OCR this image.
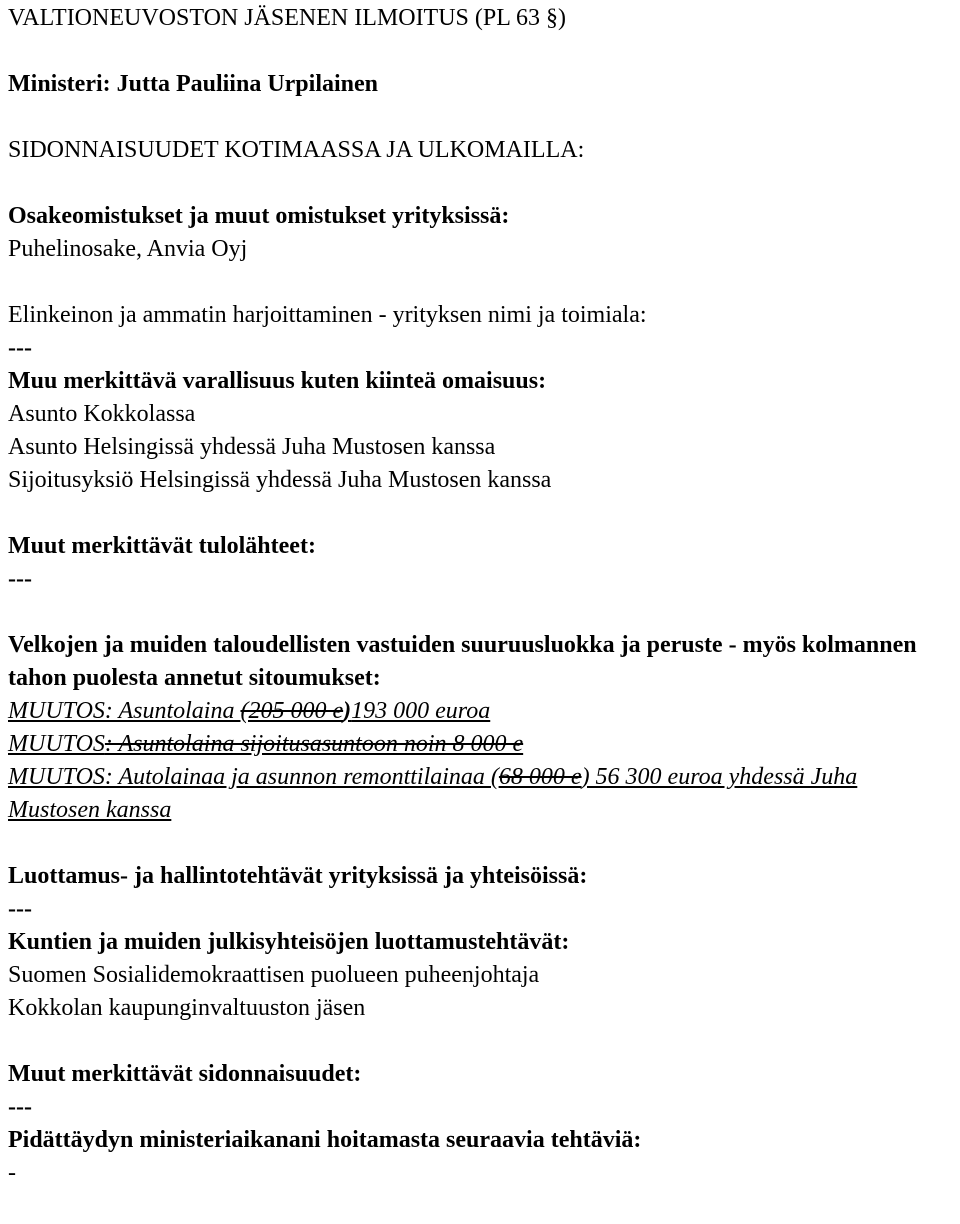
VALTIONEUVOSTON JÄSENEN ILMOITUS (PL 63 §)
Ministeri: Jutta Pauliina Urpilainen
SIDONNAISUUDET KOTIMAASSA JA ULKOMAILLA:
Osakeomistukset ja muut omistukset yrityksissä:
Puhelinosake, Anvia Oyj
Elinkeinon ja ammatin harjoittaminen - yrityksen nimi ja toimiala:
---
Muu merkittävä varallisuus kuten kiinteä omaisuus:
Asunto Kokkolassa
Asunto Helsingissä yhdessä Juha Mustosen kanssa
Sijoitusyksiö Helsingissä yhdessä Juha Mustosen kanssa
Muut merkittävät tulolähteet:
---
Velkojen ja muiden taloudellisten vastuiden suuruusluokka ja peruste - myös kolmannen
tahon puolesta annetut sitoumukset:
MUUTOS: Asuntolaina (205 000 e)193 000 euroa
MUUTOS: Asuntolaina sijoitusasuntoon noin 8 000 e
MUUTOS: Autolainaa ja asunnon remonttilainaa (68 000 e) 56 300 euroa yhdessä Juha Mustosen kanssa
Luottamus- ja hallintotehtävät yrityksissä ja yhteisöissä:
---
Kuntien ja muiden julkisyhteisöjen luottamustehtävät:
Suomen Sosialidemokraattisen puolueen puheenjohtaja
Kokkolan kaupunginvaltuuston jäsen
Muut merkittävät sidonnaisuudet:
---
Pidättäydyn ministeriaikanani hoitamasta seuraavia tehtäviä:
-
